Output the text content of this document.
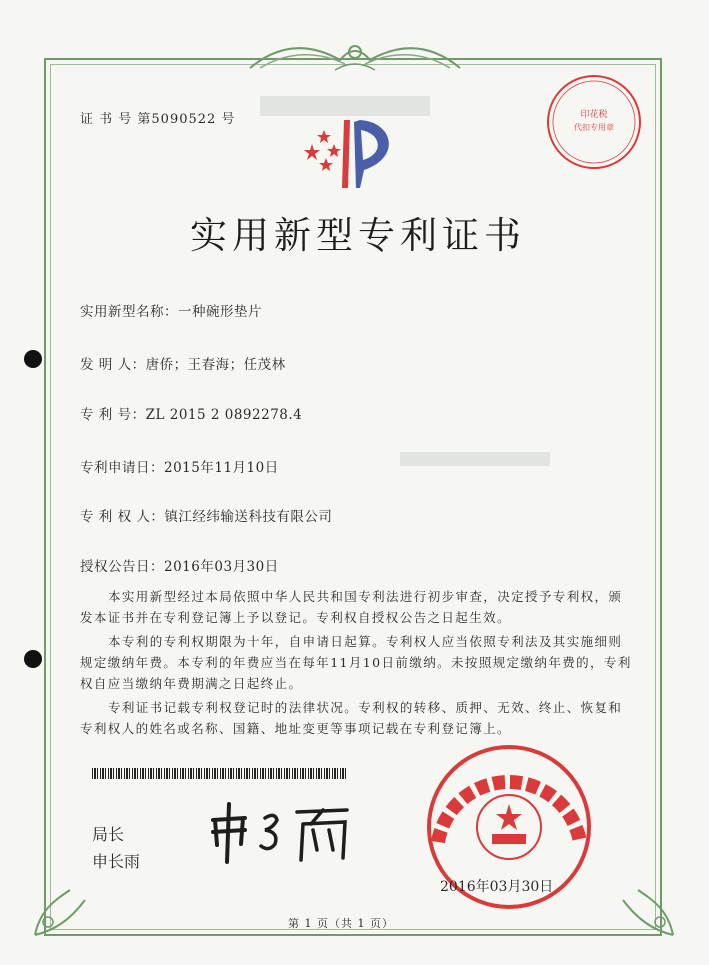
证 书 号 第5090522 号	印花税
代扣专用章
实用新型专利证书
实用新型名称：一种碗形垫片
发 明 人：唐侨；王春海；任茂林
专 利 号：ZL 2015 2 0892278.4
专利申请日：2015年11月10日
专 利 权 人：镇江经纬输送科技有限公司
授权公告日：2016年03月30日
本实用新型经过本局依照中华人民共和国专利法进行初步审查，决定授予专利权，颁发本证书并在专利登记簿上予以登记。专利权自授权公告之日起生效。
本专利的专利权期限为十年，自申请日起算。专利权人应当依照专利法及其实施细则规定缴纳年费。本专利的年费应当在每年11月10日前缴纳。未按照规定缴纳年费的，专利权自应当缴纳年费期满之日起终止。
专利证书记载专利权登记时的法律状况。专利权的转移、质押、无效、终止、恢复和专利权人的姓名或名称、国籍、地址变更等事项记载在专利登记簿上。
局长
申长雨
2016年03月30日
第 1 页（共 1 页）
